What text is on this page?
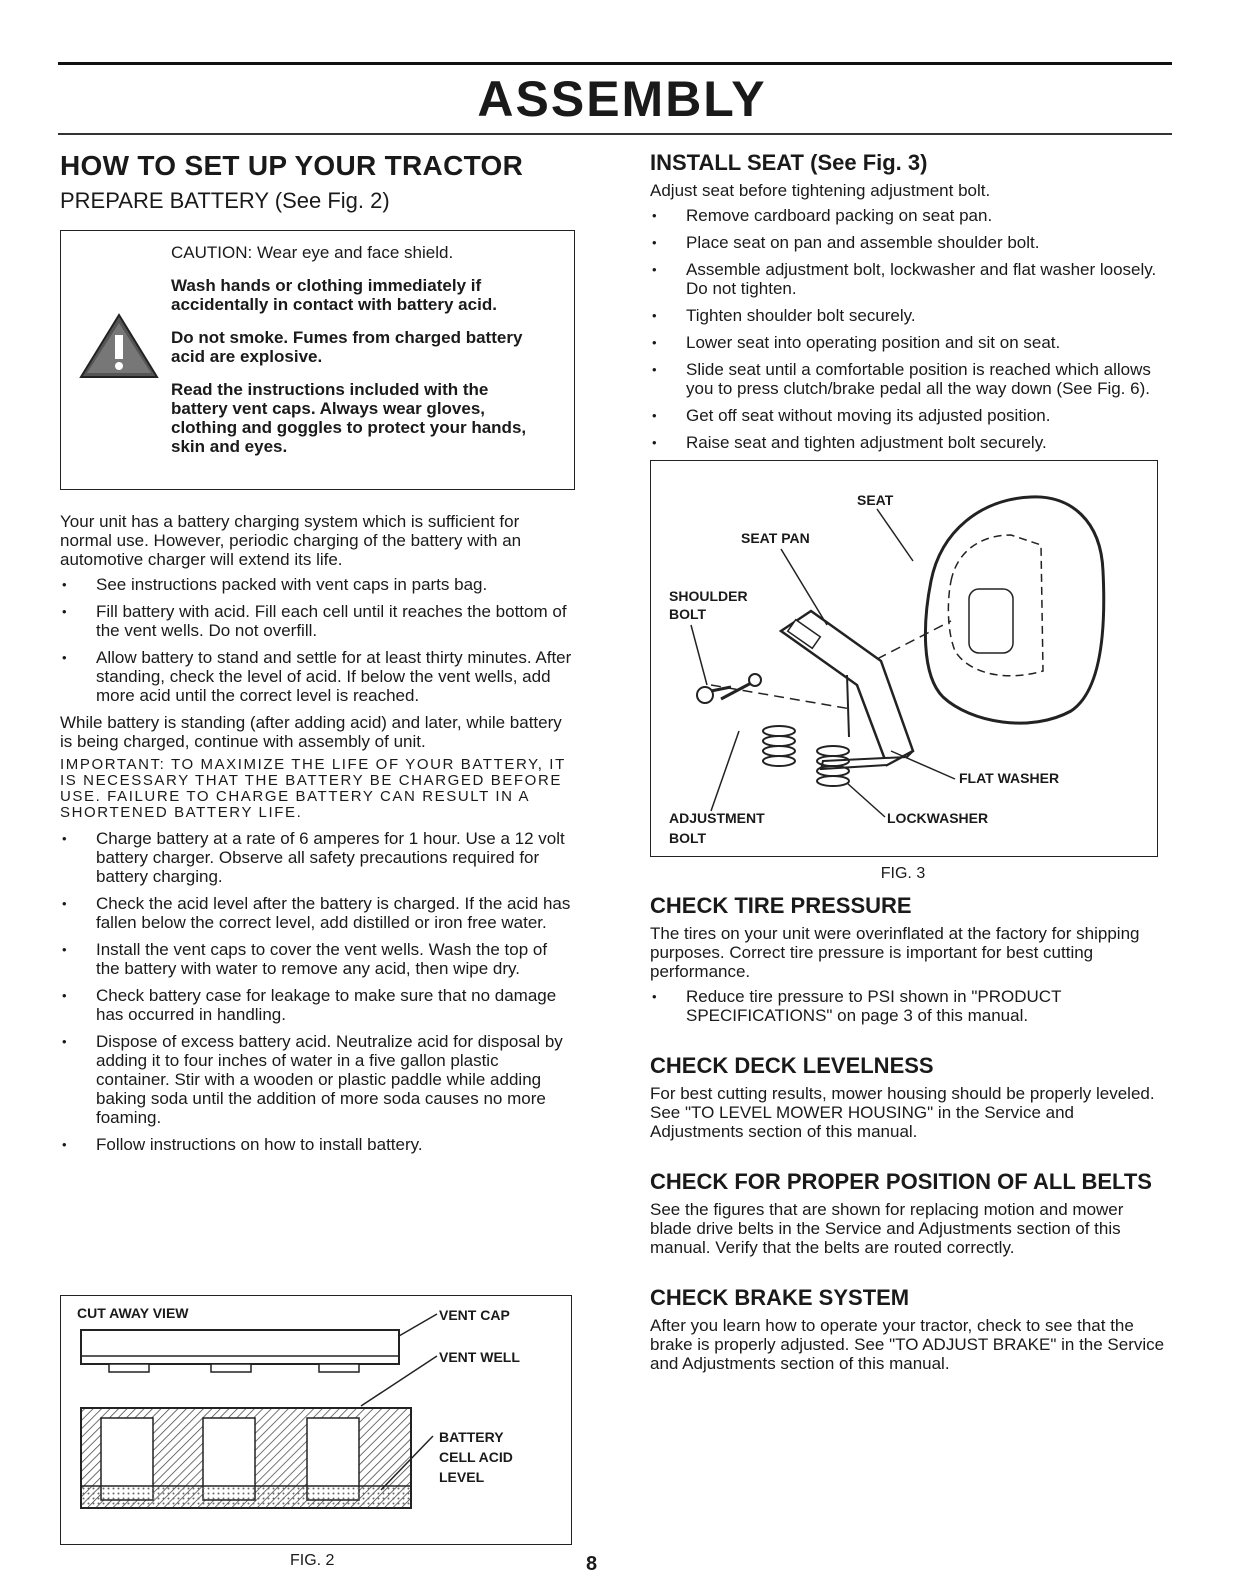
ASSEMBLY
HOW TO SET UP YOUR TRACTOR
PREPARE BATTERY (See Fig. 2)

CAUTION: Wear eye and face shield.

Wash hands or clothing immediately if accidentally in contact with battery acid.

Do not smoke. Fumes from charged battery acid are explosive.

Read the instructions included with the battery vent caps. Always wear gloves, clothing and goggles to protect your hands, skin and eyes.

Your unit has a battery charging system which is sufficient for normal use. However, periodic charging of the battery with an automotive charger will extend its life.

• See instructions packed with vent caps in parts bag.
• Fill battery with acid. Fill each cell until it reaches the bottom of the vent wells. Do not overfill.
• Allow battery to stand and settle for at least thirty minutes. After standing, check the level of acid. If below the vent wells, add more acid until the correct level is reached.

While battery is standing (after adding acid) and later, while battery is being charged, continue with assembly of unit.

IMPORTANT: TO MAXIMIZE THE LIFE OF YOUR BATTERY, IT IS NECESSARY THAT THE BATTERY BE CHARGED BEFORE USE. FAILURE TO CHARGE BATTERY CAN RESULT IN A SHORTENED BATTERY LIFE.

• Charge battery at a rate of 6 amperes for 1 hour. Use a 12 volt battery charger. Observe all safety precautions required for battery charging.
• Check the acid level after the battery is charged. If the acid has fallen below the correct level, add distilled or iron free water.
• Install the vent caps to cover the vent wells. Wash the top of the battery with water to remove any acid, then wipe dry.
• Check battery case for leakage to make sure that no damage has occurred in handling.
• Dispose of excess battery acid. Neutralize acid for disposal by adding it to four inches of water in a five gallon plastic container. Stir with a wooden or plastic paddle while adding baking soda until the addition of more soda causes no more foaming.
• Follow instructions on how to install battery.
CUT AWAY VIEW	VENT CAP
VENT WELL
BATTERY
CELL ACID
LEVEL
FIG. 2
INSTALL SEAT (See Fig. 3)

Adjust seat before tightening adjustment bolt.

• Remove cardboard packing on seat pan.
• Place seat on pan and assemble shoulder bolt.
• Assemble adjustment bolt, lockwasher and flat washer loosely. Do not tighten.
• Tighten shoulder bolt securely.
• Lower seat into operating position and sit on seat.
• Slide seat until a comfortable position is reached which allows you to press clutch/brake pedal all the way down (See Fig. 6).
• Get off seat without moving its adjusted position.
• Raise seat and tighten adjustment bolt securely.
SEAT
SEAT PAN
SHOULDER
BOLT
FLAT WASHER
ADJUSTMENT
BOLT
LOCKWASHER
FIG. 3
CHECK TIRE PRESSURE

The tires on your unit were overinflated at the factory for shipping purposes. Correct tire pressure is important for best cutting performance.

• Reduce tire pressure to PSI shown in "PRODUCT SPECIFICATIONS" on page 3 of this manual.
CHECK DECK LEVELNESS

For best cutting results, mower housing should be properly leveled. See "TO LEVEL MOWER HOUSING" in the Service and Adjustments section of this manual.

CHECK FOR PROPER POSITION OF ALL BELTS

See the figures that are shown for replacing motion and mower blade drive belts in the Service and Adjustments section of this manual. Verify that the belts are routed correctly.

CHECK BRAKE SYSTEM

After you learn how to operate your tractor, check to see that the brake is properly adjusted. See "TO ADJUST BRAKE" in the Service and Adjustments section of this manual.

8
